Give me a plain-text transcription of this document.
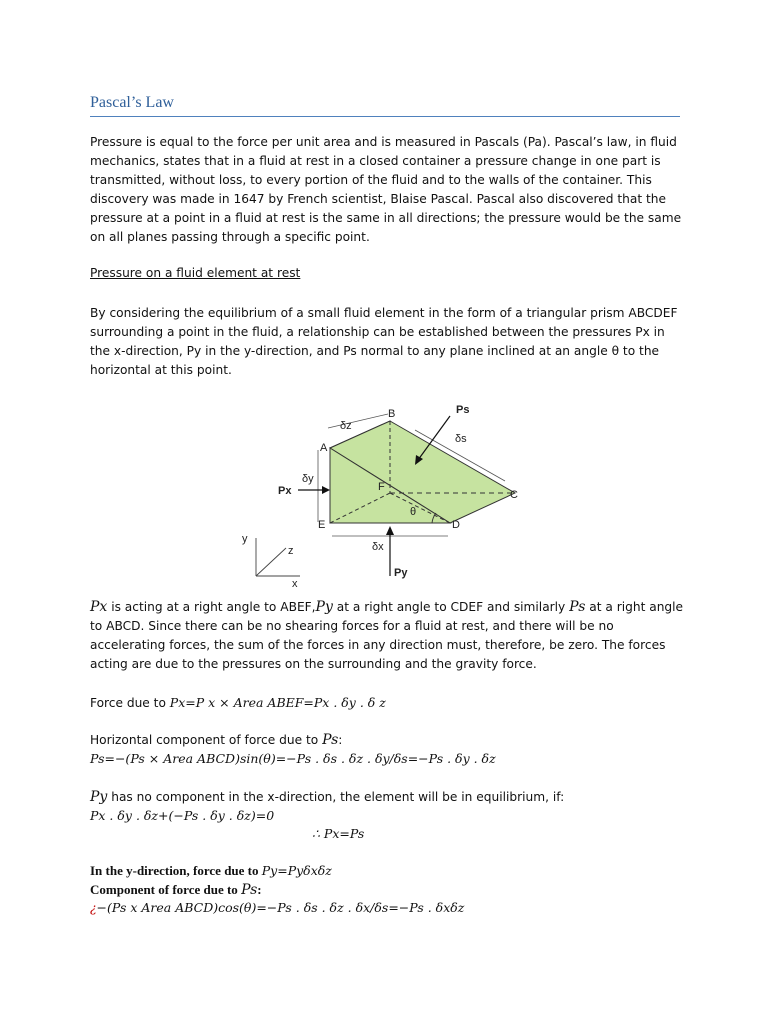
Pascal’s Law

Pressure is equal to the force per unit area and is measured in Pascals (Pa). Pascal’s law, in fluid

mechanics, states that in a fluid at rest in a closed container a pressure change in one part is

transmitted, without loss, to every portion of the fluid and to the walls of the container. This

discovery was made in 1647 by French scientist, Blaise Pascal. Pascal also discovered that the

pressure at a point in a fluid at rest is the same in all directions; the pressure would be the same

on all planes passing through a specific point.

Pressure on a fluid element at rest

By considering the equilibrium of a small fluid element in the form of a triangular prism ABCDEF

surrounding a point in the fluid, a relationship can be established between the pressures Px in

the x-direction, Py in the y-direction, and Ps normal to any plane inclined at an angle θ to the

horizontal at this point.

A
B
C
D
E
F
δz
δs
δy
δx
θ
Ps
Px
Py
y
z
x

Px is acting at a right angle to ABEF,Py at a right angle to CDEF and similarly Ps at a right angle

to ABCD. Since there can be no shearing forces for a fluid at rest, and there will be no

accelerating forces, the sum of the forces in any direction must, therefore, be zero. The forces

acting are due to the pressures on the surrounding and the gravity force.

Force due to Px=P x × Area ABEF=Px . δy . δ z
Horizontal component of force due to Ps:
Ps=−(Ps × Area ABCD)sin(θ)=−Ps . δs . δz . δy/δs=−Ps . δy . δz
Py has no component in the x-direction, the element will be in equilibrium, if:
Px . δy . δz+(−Ps . δy . δz)=0
∴ Px=Ps
In the y-direction, force due to Py=Pyδxδz
Component of force due to Ps:
¿−(Ps x Area ABCD)cos(θ)=−Ps . δs . δz . δx/δs=−Ps . δxδz
